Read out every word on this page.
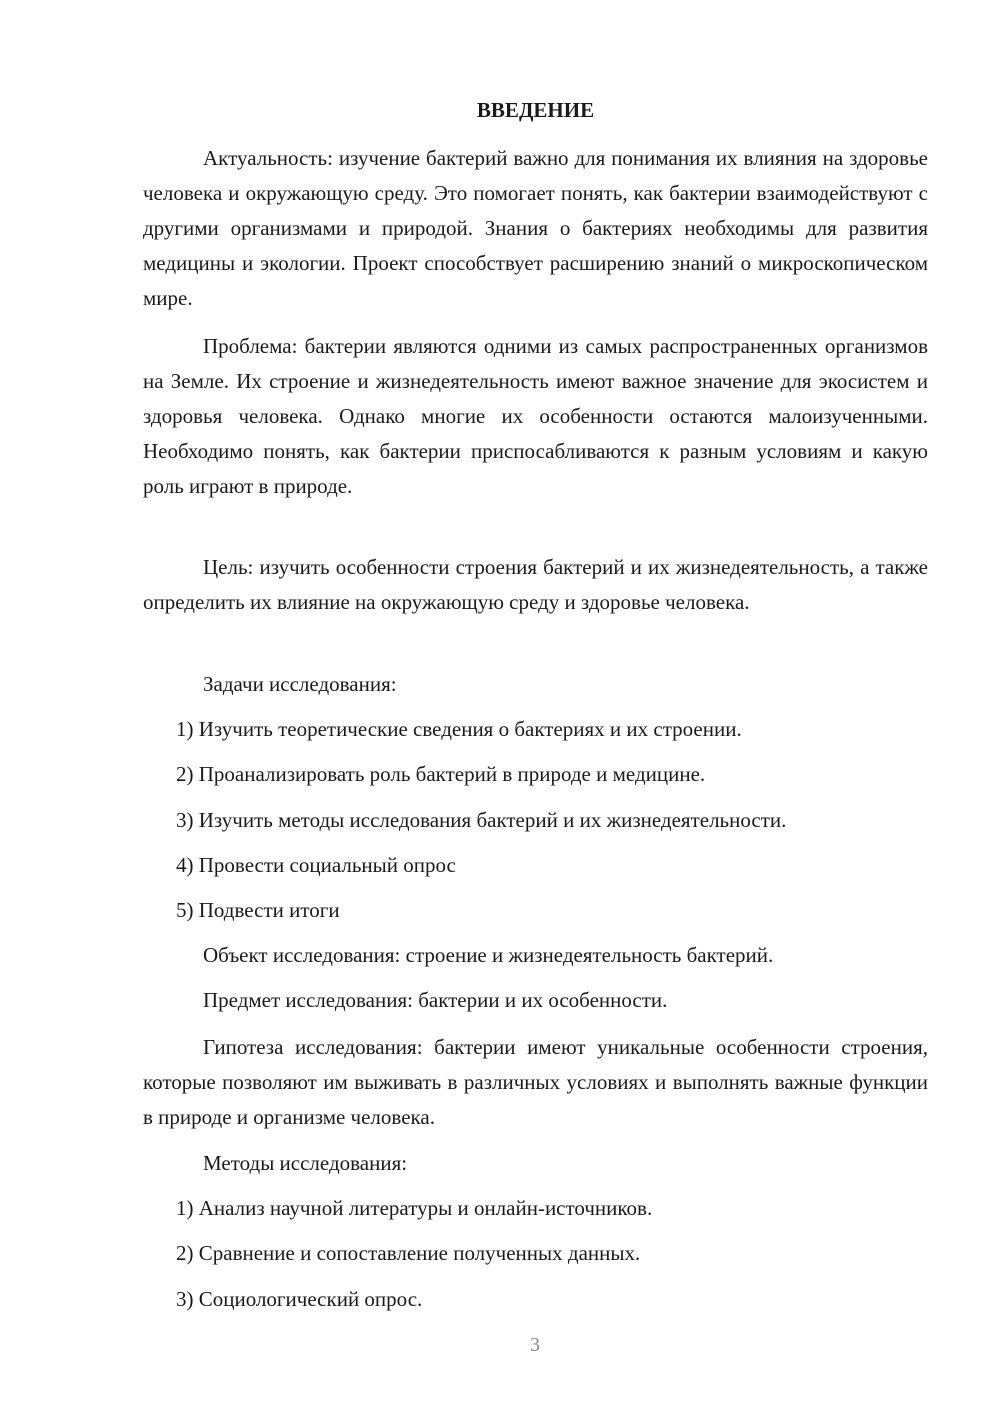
ВВЕДЕНИЕ

Актуальность: изучение бактерий важно для понимания их влияния на здоровье человека и окружающую среду. Это помогает понять, как бактерии взаимодействуют с другими организмами и природой. Знания о бактериях необходимы для развития медицины и экологии. Проект способствует расширению знаний о микроскопическом мире.

Проблема: бактерии являются одними из самых распространенных организмов на Земле. Их строение и жизнедеятельность имеют важное значение для экосистем и здоровья человека. Однако многие их особенности остаются малоизученными. Необходимо понять, как бактерии приспосабливаются к разным условиям и какую роль играют в природе.

Цель: изучить особенности строения бактерий и их жизнедеятельность, а также определить их влияние на окружающую среду и здоровье человека.

Задачи исследования:

1) Изучить теоретические сведения о бактериях и их строении.

2) Проанализировать роль бактерий в природе и медицине.

3) Изучить методы исследования бактерий и их жизнедеятельности.

4) Провести социальный опрос

5) Подвести итоги

Объект исследования: строение и жизнедеятельность бактерий.

Предмет исследования: бактерии и их особенности.

Гипотеза исследования: бактерии имеют уникальные особенности строения, которые позволяют им выживать в различных условиях и выполнять важные функции в природе и организме человека.

Методы исследования:

1) Анализ научной литературы и онлайн-источников.

2) Сравнение и сопоставление полученных данных.

3) Социологический опрос.

3
